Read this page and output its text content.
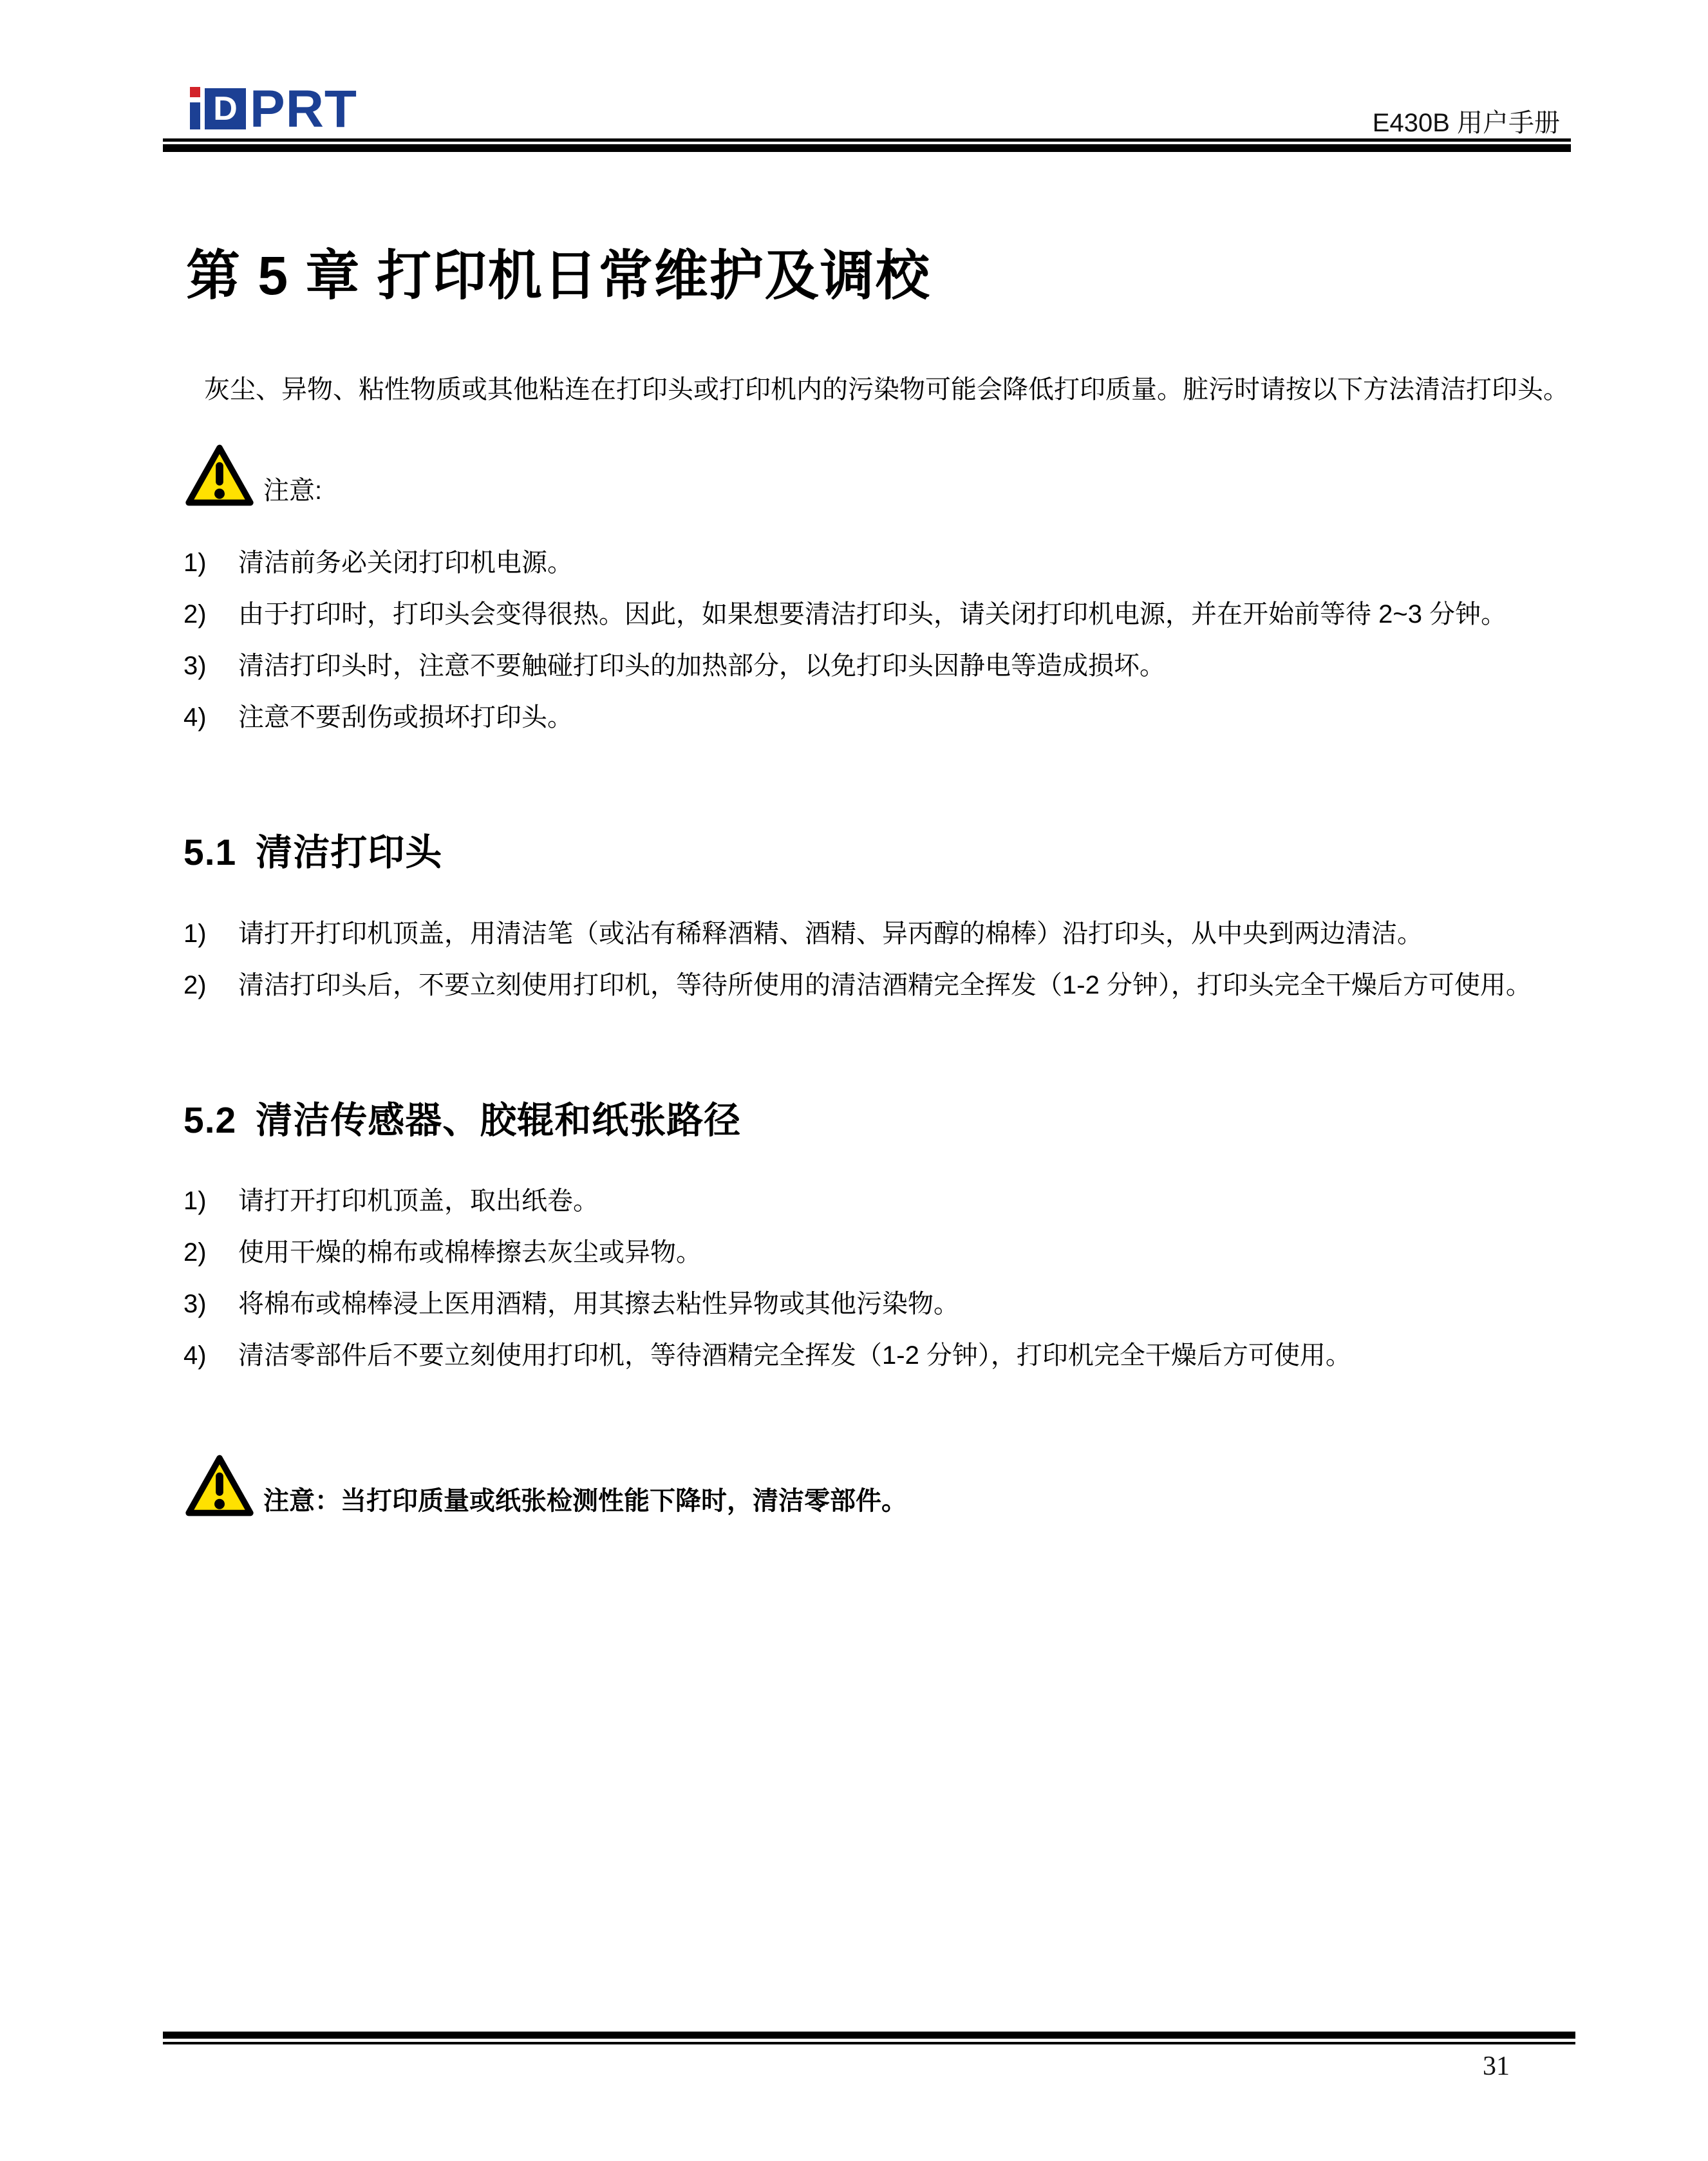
D PRT	E430B 用户手册
第 5 章 打印机日常维护及调校

灰尘、异物、粘性物质或其他粘连在打印头或打印机内的污染物可能会降低打印质量。脏污时请按以下方法清洁打印头。

注意:
1)	清洁前务必关闭打印机电源。
2)	由于打印时，打印头会变得很热。因此，如果想要清洁打印头，请关闭打印机电源，并在开始前等待 2~3 分钟。
3)	清洁打印头时，注意不要触碰打印头的加热部分，以免打印头因静电等造成损坏。
4)	注意不要刮伤或损坏打印头。
5.1 清洁打印头
1)	请打开打印机顶盖，用清洁笔（或沾有稀释酒精、酒精、异丙醇的棉棒）沿打印头，从中央到两边清洁。
2)	清洁打印头后，不要立刻使用打印机，等待所使用的清洁酒精完全挥发（1-2 分钟），打印头完全干燥后方可使用。
5.2 清洁传感器、胶辊和纸张路径
1)	请打开打印机顶盖，取出纸卷。
2)	使用干燥的棉布或棉棒擦去灰尘或异物。
3)	将棉布或棉棒浸上医用酒精，用其擦去粘性异物或其他污染物。
4)	清洁零部件后不要立刻使用打印机，等待酒精完全挥发（1-2 分钟），打印机完全干燥后方可使用。
注意：当打印质量或纸张检测性能下降时，清洁零部件。
31
